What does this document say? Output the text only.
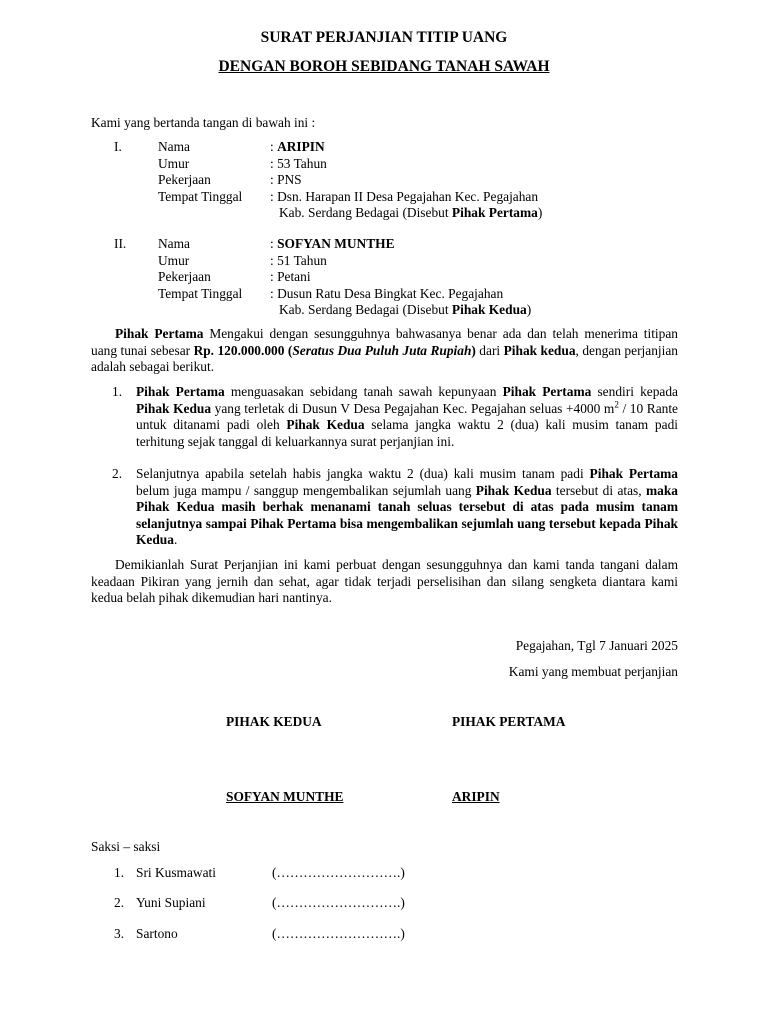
SURAT PERJANJIAN TITIP UANG
DENGAN BOROH SEBIDANG TANAH SAWAH
Kami yang bertanda tangan di bawah ini :
I.	Nama	: ARIPIN
Umur	: 53 Tahun
Pekerjaan	: PNS
Tempat Tinggal	: Dsn. Harapan II Desa Pegajahan Kec. Pegajahan
Kab. Serdang Bedagai (Disebut Pihak Pertama)
II.	Nama	: SOFYAN MUNTHE
Umur	: 51 Tahun
Pekerjaan	: Petani
Tempat Tinggal	: Dusun Ratu Desa Bingkat Kec. Pegajahan
Kab. Serdang Bedagai (Disebut Pihak Kedua)
Pihak Pertama Mengakui dengan sesungguhnya bahwasanya benar ada dan telah menerima titipan uang tunai sebesar Rp. 120.000.000 (Seratus Dua Puluh Juta Rupiah) dari Pihak kedua, dengan perjanjian adalah sebagai berikut.
1.	Pihak Pertama menguasakan sebidang tanah sawah kepunyaan Pihak Pertama sendiri kepada Pihak Kedua yang terletak di Dusun V Desa Pegajahan Kec. Pegajahan seluas +4000 $m^2 / 10$ Rante untuk ditanami padi oleh Pihak Kedua selama jangka waktu 2 (dua) kali musim tanam padi terhitung sejak tanggal di keluarkannya surat perjanjian ini.
2.	Selanjutnya apabila setelah habis jangka waktu 2 (dua) kali musim tanam padi Pihak Pertama belum juga mampu / sanggup mengembalikan sejumlah uang Pihak Kedua tersebut di atas, maka Pihak Kedua masih berhak menanami tanah seluas tersebut di atas pada musim tanam selanjutnya sampai Pihak Pertama bisa mengembalikan sejumlah uang tersebut kepada Pihak Kedua.
Demikianlah Surat Perjanjian ini kami perbuat dengan sesungguhnya dan kami tanda tangani dalam keadaan Pikiran yang jernih dan sehat, agar tidak terjadi perselisihan dan silang sengketa diantara kami kedua belah pihak dikemudian hari nantinya.
Pegajahan, Tgl 7 Januari 2025
Kami yang membuat perjanjian
PIHAK KEDUA	PIHAK PERTAMA
SOFYAN MUNTHE	ARIPIN
Saksi – saksi
1. Sri Kusmawati	(……………………….)
2. Yuni Supiani	(……………………….)
3. Sartono	(……………………….)
